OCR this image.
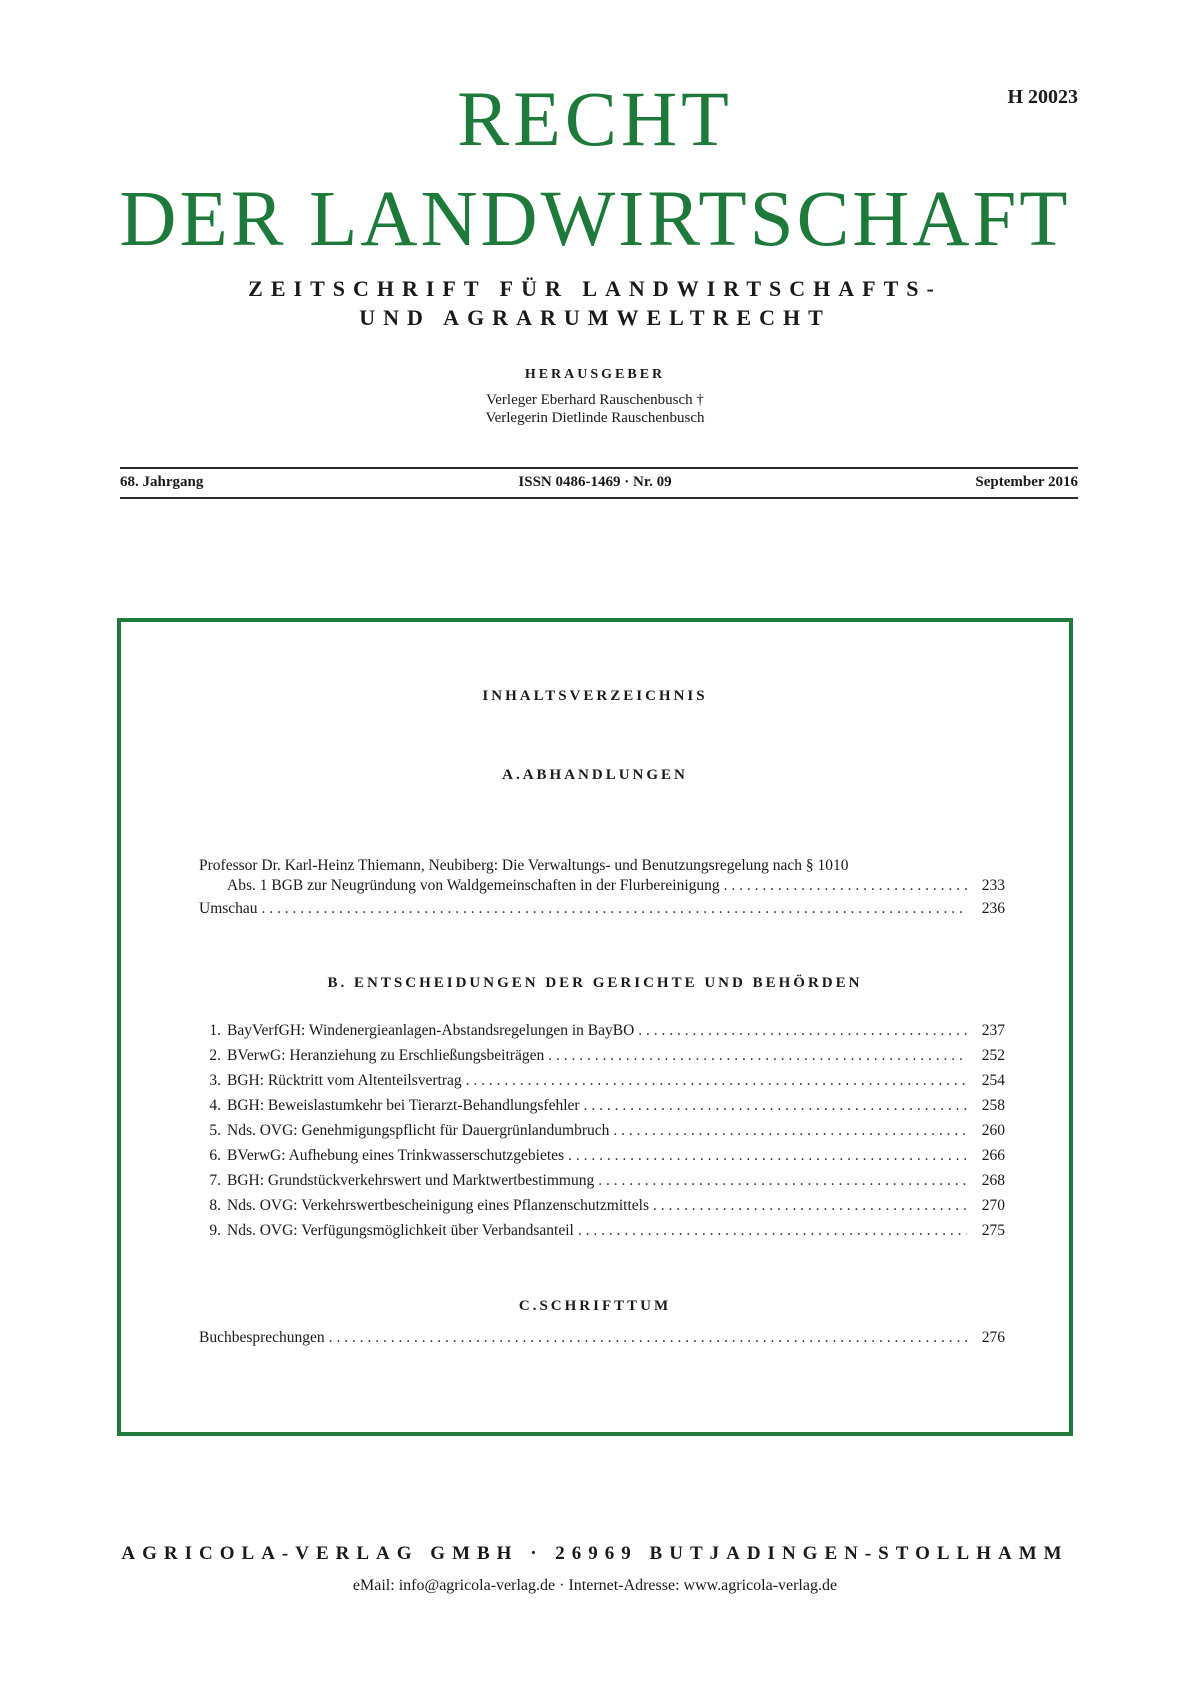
H 20023
RECHT
DER LANDWIRTSCHAFT
ZEITSCHRIFT FÜR LANDWIRTSCHAFTS-
UND AGRARUMWELTRECHT
HERAUSGEBER
Verleger Eberhard Rauschenbusch †
Verlegerin Dietlinde Rauschenbusch
68. Jahrgang	ISSN 0486-1469 · Nr. 09	September 2016
INHALTSVERZEICHNIS
A.ABHANDLUNGEN
Professor Dr. Karl-Heinz Thiemann, Neubiberg: Die Verwaltungs- und Benutzungsregelung nach § 1010
Abs. 1 BGB zur Neugründung von Waldgemeinschaften in der Flurbereinigung . . .	233
Umschau . . .	236
B. ENTSCHEIDUNGEN DER GERICHTE UND BEHÖRDEN
1. BayVerfGH: Windenergieanlagen-Abstandsregelungen in BayBO . . .	237
2. BVerwG: Heranziehung zu Erschließungsbeiträgen . . .	252
3. BGH: Rücktritt vom Altenteilsvertrag . . .	254
4. BGH: Beweislastumkehr bei Tierarzt-Behandlungsfehler . . .	258
5. Nds. OVG: Genehmigungspflicht für Dauergrünlandumbruch . . .	260
6. BVerwG: Aufhebung eines Trinkwasserschutzgebietes . . .	266
7. BGH: Grundstückverkehrswert und Marktwertbestimmung . . .	268
8. Nds. OVG: Verkehrswertbescheinigung eines Pflanzenschutzmittels . . .	270
9. Nds. OVG: Verfügungsmöglichkeit über Verbandsanteil . . .	275
C.SCHRIFTTUM
Buchbesprechungen . . .	276
AGRICOLA-VERLAG GMBH · 26969 BUTJADINGEN-STOLLHAMM
eMail: info@agricola-verlag.de · Internet-Adresse: www.agricola-verlag.de
